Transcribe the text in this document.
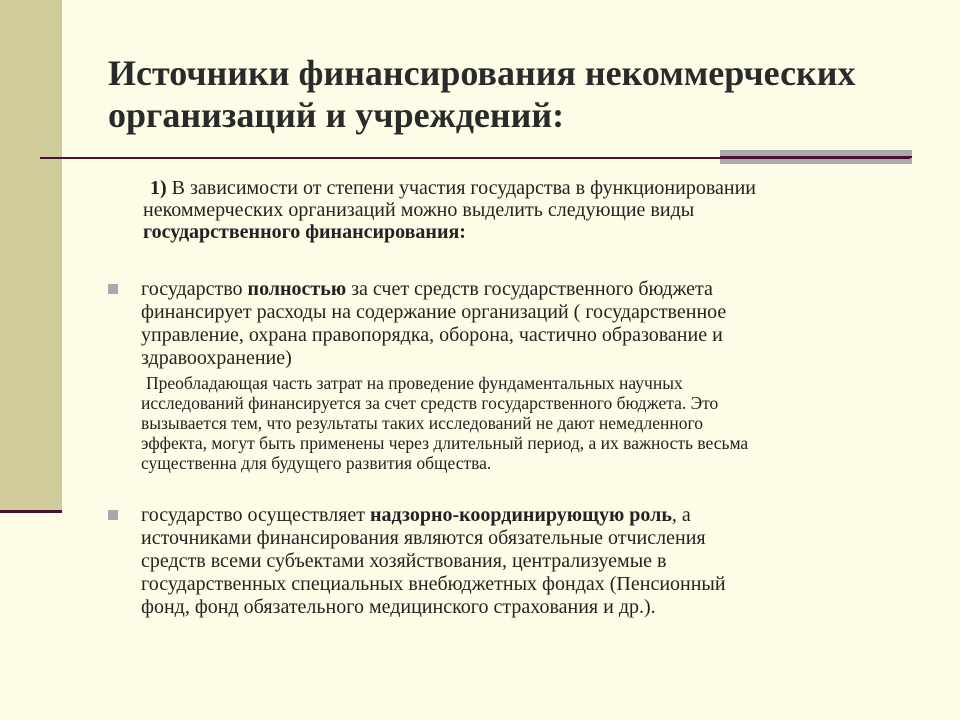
Источники финансирования некоммерческих
организаций и учреждений:
1) В зависимости от степени участия государства в функционировании
некоммерческих организаций можно выделить следующие виды
государственного финансирования:
государство полностью за счет средств государственного бюджета
финансирует расходы на содержание организаций ( государственное
управление, охрана правопорядка, оборона, частично образование и
здравоохранение)
Преобладающая часть затрат на проведение фундаментальных научных
исследований финансируется за счет средств государственного бюджета. Это
вызывается тем, что результаты таких исследований не дают немедленного
эффекта, могут быть применены через длительный период, а их важность весьма
существенна для будущего развития общества.
государство осуществляет надзорно-координирующую роль, а
источниками финансирования являются обязательные отчисления
средств всеми субъектами хозяйствования, централизуемые в
государственных специальных внебюджетных фондах (Пенсионный
фонд, фонд обязательного медицинского страхования и др.).
